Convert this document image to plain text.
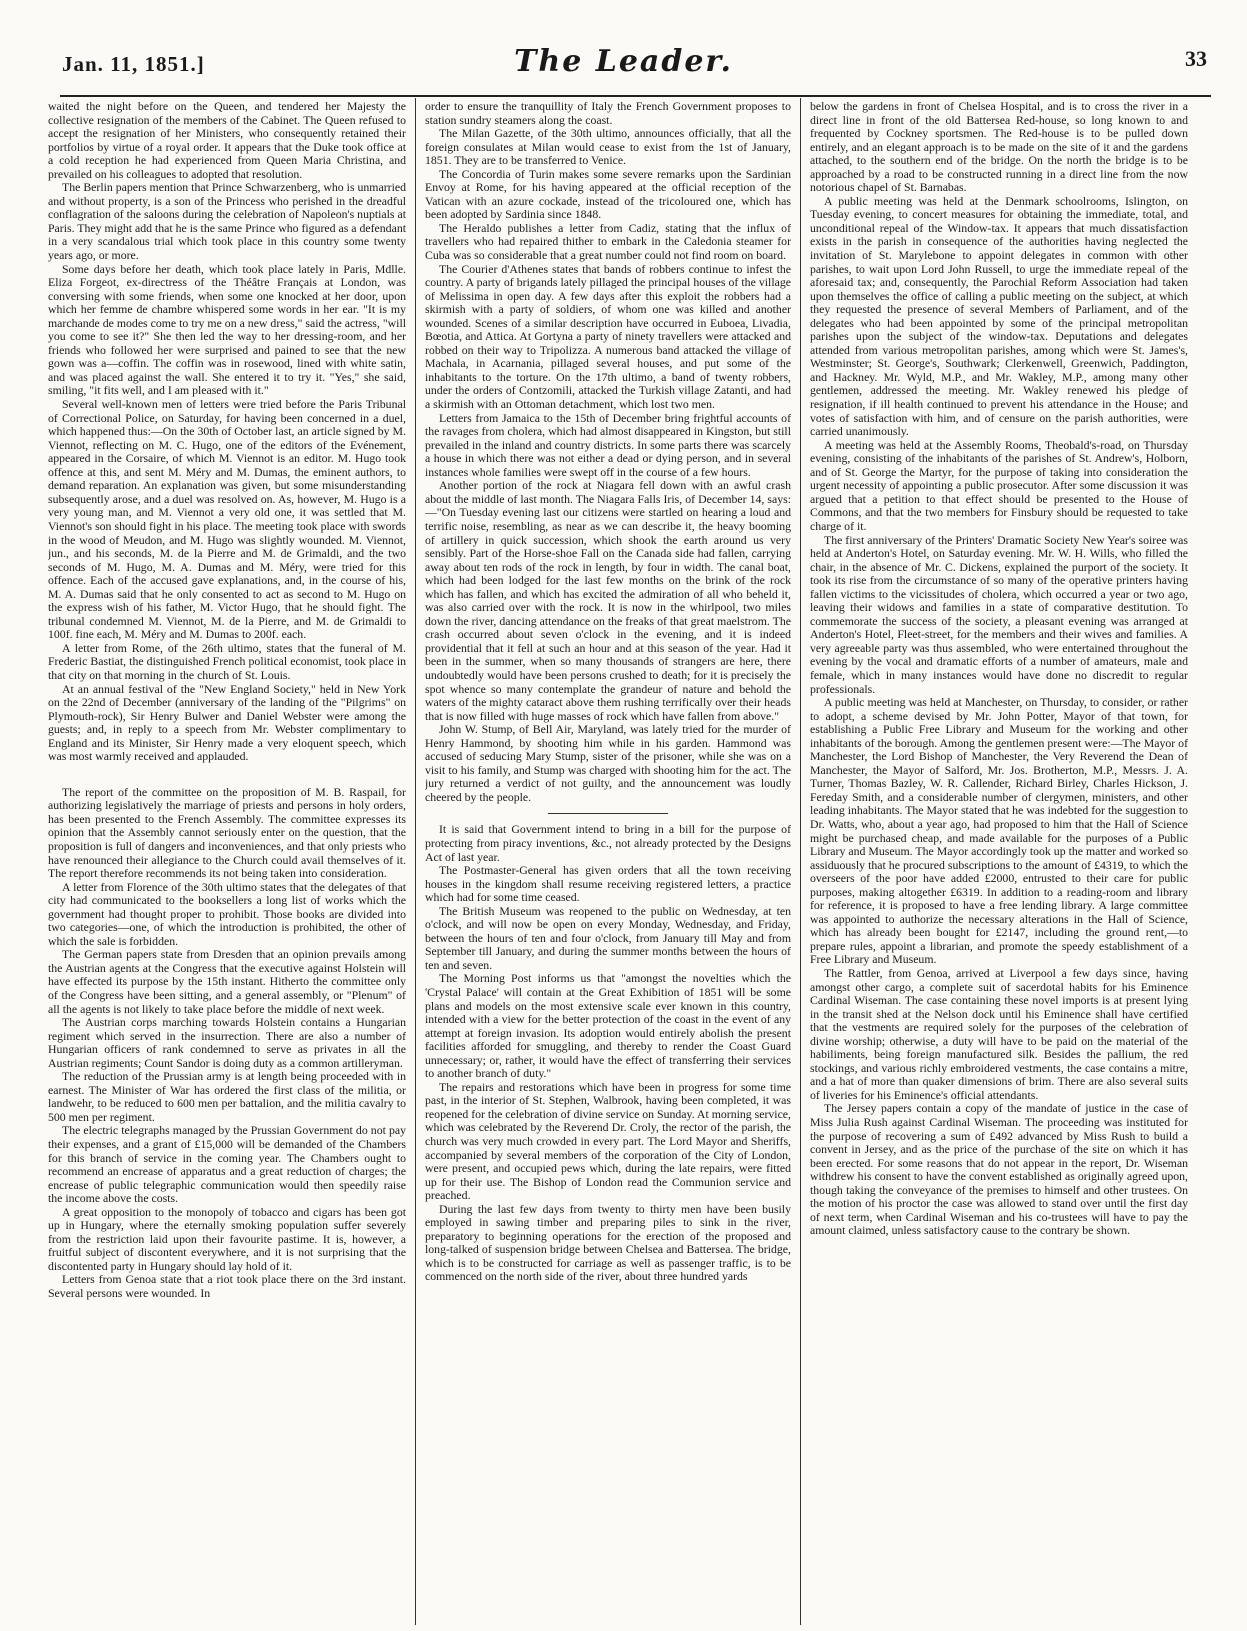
Jan. 11, 1851.]	The Leader.	33

waited the night before on the Queen, and tendered her Majesty the collective resignation of the members of the Cabinet. The Queen refused to accept the resignation of her Ministers, who consequently retained their portfolios by virtue of a royal order. It appears that the Duke took office at a cold reception he had experienced from Queen Maria Christina, and prevailed on his colleagues to adopted that resolution.

The Berlin papers mention that Prince Schwarzenberg, who is unmarried and without property, is a son of the Princess who perished in the dreadful conflagration of the saloons during the celebration of Napoleon's nuptials at Paris. They might add that he is the same Prince who figured as a defendant in a very scandalous trial which took place in this country some twenty years ago, or more.

Some days before her death, which took place lately in Paris, Mdlle. Eliza Forgeot, ex-directress of the Théâtre Français at London, was conversing with some friends, when some one knocked at her door, upon which her femme de chambre whispered some words in her ear. "It is my marchande de modes come to try me on a new dress," said the actress, "will you come to see it?" She then led the way to her dressing-room, and her friends who followed her were surprised and pained to see that the new gown was a—coffin. The coffin was in rosewood, lined with white satin, and was placed against the wall. She entered it to try it. "Yes," she said, smiling, "it fits well, and I am pleased with it."

Several well-known men of letters were tried before the Paris Tribunal of Correctional Police, on Saturday, for having been concerned in a duel, which happened thus:—On the 30th of October last, an article signed by M. Viennot, reflecting on M. C. Hugo, one of the editors of the Evénement, appeared in the Corsaire, of which M. Viennot is an editor. M. Hugo took offence at this, and sent M. Méry and M. Dumas, the eminent authors, to demand reparation. An explanation was given, but some misunderstanding subsequently arose, and a duel was resolved on. As, however, M. Hugo is a very young man, and M. Viennot a very old one, it was settled that M. Viennot's son should fight in his place. The meeting took place with swords in the wood of Meudon, and M. Hugo was slightly wounded. M. Viennot, jun., and his seconds, M. de la Pierre and M. de Grimaldi, and the two seconds of M. Hugo, M. A. Dumas and M. Méry, were tried for this offence. Each of the accused gave explanations, and, in the course of his, M. A. Dumas said that he only consented to act as second to M. Hugo on the express wish of his father, M. Victor Hugo, that he should fight. The tribunal condemned M. Viennot, M. de la Pierre, and M. de Grimaldi to 100f. fine each, M. Méry and M. Dumas to 200f. each.

A letter from Rome, of the 26th ultimo, states that the funeral of M. Frederic Bastiat, the distinguished French political economist, took place in that city on that morning in the church of St. Louis.

At an annual festival of the "New England Society," held in New York on the 22nd of December (anniversary of the landing of the "Pilgrims" on Plymouth-rock), Sir Henry Bulwer and Daniel Webster were among the guests; and, in reply to a speech from Mr. Webster complimentary to England and its Minister, Sir Henry made a very eloquent speech, which was most warmly received and applauded.

The report of the committee on the proposition of M. B. Raspail, for authorizing legislatively the marriage of priests and persons in holy orders, has been presented to the French Assembly. The committee expresses its opinion that the Assembly cannot seriously enter on the question, that the proposition is full of dangers and inconveniences, and that only priests who have renounced their allegiance to the Church could avail themselves of it. The report therefore recommends its not being taken into consideration.

A letter from Florence of the 30th ultimo states that the delegates of that city had communicated to the booksellers a long list of works which the government had thought proper to prohibit. Those books are divided into two categories—one, of which the introduction is prohibited, the other of which the sale is forbidden.

The German papers state from Dresden that an opinion prevails among the Austrian agents at the Congress that the executive against Holstein will have effected its purpose by the 15th instant. Hitherto the committee only of the Congress have been sitting, and a general assembly, or "Plenum" of all the agents is not likely to take place before the middle of next week.

The Austrian corps marching towards Holstein contains a Hungarian regiment which served in the insurrection. There are also a number of Hungarian officers of rank condemned to serve as privates in all the Austrian regiments; Count Sandor is doing duty as a common artilleryman.

The reduction of the Prussian army is at length being proceeded with in earnest. The Minister of War has ordered the first class of the militia, or landwehr, to be reduced to 600 men per battalion, and the militia cavalry to 500 men per regiment.

The electric telegraphs managed by the Prussian Government do not pay their expenses, and a grant of £15,000 will be demanded of the Chambers for this branch of service in the coming year. The Chambers ought to recommend an encrease of apparatus and a great reduction of charges; the encrease of public telegraphic communication would then speedily raise the income above the costs.

A great opposition to the monopoly of tobacco and cigars has been got up in Hungary, where the eternally smoking population suffer severely from the restriction laid upon their favourite pastime. It is, however, a fruitful subject of discontent everywhere, and it is not surprising that the discontented party in Hungary should lay hold of it.

Letters from Genoa state that a riot took place there on the 3rd instant. Several persons were wounded. In

order to ensure the tranquillity of Italy the French Government proposes to station sundry steamers along the coast.

The Milan Gazette, of the 30th ultimo, announces officially, that all the foreign consulates at Milan would cease to exist from the 1st of January, 1851. They are to be transferred to Venice.

The Concordia of Turin makes some severe remarks upon the Sardinian Envoy at Rome, for his having appeared at the official reception of the Vatican with an azure cockade, instead of the tricoloured one, which has been adopted by Sardinia since 1848.

The Heraldo publishes a letter from Cadiz, stating that the influx of travellers who had repaired thither to embark in the Caledonia steamer for Cuba was so considerable that a great number could not find room on board.

The Courier d'Athenes states that bands of robbers continue to infest the country. A party of brigands lately pillaged the principal houses of the village of Melissima in open day. A few days after this exploit the robbers had a skirmish with a party of soldiers, of whom one was killed and another wounded. Scenes of a similar description have occurred in Euboea, Livadia, Bœotia, and Attica. At Gortyna a party of ninety travellers were attacked and robbed on their way to Tripolizza. A numerous band attacked the village of Machala, in Acarnania, pillaged several houses, and put some of the inhabitants to the torture. On the 17th ultimo, a band of twenty robbers, under the orders of Contzomili, attacked the Turkish village Zatanti, and had a skirmish with an Ottoman detachment, which lost two men.

Letters from Jamaica to the 15th of December bring frightful accounts of the ravages from cholera, which had almost disappeared in Kingston, but still prevailed in the inland and country districts. In some parts there was scarcely a house in which there was not either a dead or dying person, and in several instances whole families were swept off in the course of a few hours.

Another portion of the rock at Niagara fell down with an awful crash about the middle of last month. The Niagara Falls Iris, of December 14, says:—"On Tuesday evening last our citizens were startled on hearing a loud and terrific noise, resembling, as near as we can describe it, the heavy booming of artillery in quick succession, which shook the earth around us very sensibly. Part of the Horse-shoe Fall on the Canada side had fallen, carrying away about ten rods of the rock in length, by four in width. The canal boat, which had been lodged for the last few months on the brink of the rock which has fallen, and which has excited the admiration of all who beheld it, was also carried over with the rock. It is now in the whirlpool, two miles down the river, dancing attendance on the freaks of that great maelstrom. The crash occurred about seven o'clock in the evening, and it is indeed providential that it fell at such an hour and at this season of the year. Had it been in the summer, when so many thousands of strangers are here, there undoubtedly would have been persons crushed to death; for it is precisely the spot whence so many contemplate the grandeur of nature and behold the waters of the mighty cataract above them rushing terrifically over their heads that is now filled with huge masses of rock which have fallen from above."

John W. Stump, of Bell Air, Maryland, was lately tried for the murder of Henry Hammond, by shooting him while in his garden. Hammond was accused of seducing Mary Stump, sister of the prisoner, while she was on a visit to his family, and Stump was charged with shooting him for the act. The jury returned a verdict of not guilty, and the announcement was loudly cheered by the people.

It is said that Government intend to bring in a bill for the purpose of protecting from piracy inventions, &c., not already protected by the Designs Act of last year.

The Postmaster-General has given orders that all the town receiving houses in the kingdom shall resume receiving registered letters, a practice which had for some time ceased.

The British Museum was reopened to the public on Wednesday, at ten o'clock, and will now be open on every Monday, Wednesday, and Friday, between the hours of ten and four o'clock, from January till May and from September till January, and during the summer months between the hours of ten and seven.

The Morning Post informs us that "amongst the novelties which the 'Crystal Palace' will contain at the Great Exhibition of 1851 will be some plans and models on the most extensive scale ever known in this country, intended with a view for the better protection of the coast in the event of any attempt at foreign invasion. Its adoption would entirely abolish the present facilities afforded for smuggling, and thereby to render the Coast Guard unnecessary; or, rather, it would have the effect of transferring their services to another branch of duty."

The repairs and restorations which have been in progress for some time past, in the interior of St. Stephen, Walbrook, having been completed, it was reopened for the celebration of divine service on Sunday. At morning service, which was celebrated by the Reverend Dr. Croly, the rector of the parish, the church was very much crowded in every part. The Lord Mayor and Sheriffs, accompanied by several members of the corporation of the City of London, were present, and occupied pews which, during the late repairs, were fitted up for their use. The Bishop of London read the Communion service and preached.

During the last few days from twenty to thirty men have been busily employed in sawing timber and preparing piles to sink in the river, preparatory to beginning operations for the erection of the proposed and long-talked of suspension bridge between Chelsea and Battersea. The bridge, which is to be constructed for carriage as well as passenger traffic, is to be commenced on the north side of the river, about three hundred yards

below the gardens in front of Chelsea Hospital, and is to cross the river in a direct line in front of the old Battersea Red-house, so long known to and frequented by Cockney sportsmen. The Red-house is to be pulled down entirely, and an elegant approach is to be made on the site of it and the gardens attached, to the southern end of the bridge. On the north the bridge is to be approached by a road to be constructed running in a direct line from the now notorious chapel of St. Barnabas.

A public meeting was held at the Denmark schoolrooms, Islington, on Tuesday evening, to concert measures for obtaining the immediate, total, and unconditional repeal of the Window-tax. It appears that much dissatisfaction exists in the parish in consequence of the authorities having neglected the invitation of St. Marylebone to appoint delegates in common with other parishes, to wait upon Lord John Russell, to urge the immediate repeal of the aforesaid tax; and, consequently, the Parochial Reform Association had taken upon themselves the office of calling a public meeting on the subject, at which they requested the presence of several Members of Parliament, and of the delegates who had been appointed by some of the principal metropolitan parishes upon the subject of the window-tax. Deputations and delegates attended from various metropolitan parishes, among which were St. James's, Westminster; St. George's, Southwark; Clerkenwell, Greenwich, Paddington, and Hackney. Mr. Wyld, M.P., and Mr. Wakley, M.P., among many other gentlemen, addressed the meeting. Mr. Wakley renewed his pledge of resignation, if ill health continued to prevent his attendance in the House; and votes of satisfaction with him, and of censure on the parish authorities, were carried unanimously.

A meeting was held at the Assembly Rooms, Theobald's-road, on Thursday evening, consisting of the inhabitants of the parishes of St. Andrew's, Holborn, and of St. George the Martyr, for the purpose of taking into consideration the urgent necessity of appointing a public prosecutor. After some discussion it was argued that a petition to that effect should be presented to the House of Commons, and that the two members for Finsbury should be requested to take charge of it.

The first anniversary of the Printers' Dramatic Society New Year's soiree was held at Anderton's Hotel, on Saturday evening. Mr. W. H. Wills, who filled the chair, in the absence of Mr. C. Dickens, explained the purport of the society. It took its rise from the circumstance of so many of the operative printers having fallen victims to the vicissitudes of cholera, which occurred a year or two ago, leaving their widows and families in a state of comparative destitution. To commemorate the success of the society, a pleasant evening was arranged at Anderton's Hotel, Fleet-street, for the members and their wives and families. A very agreeable party was thus assembled, who were entertained throughout the evening by the vocal and dramatic efforts of a number of amateurs, male and female, which in many instances would have done no discredit to regular professionals.

A public meeting was held at Manchester, on Thursday, to consider, or rather to adopt, a scheme devised by Mr. John Potter, Mayor of that town, for establishing a Public Free Library and Museum for the working and other inhabitants of the borough. Among the gentlemen present were:—The Mayor of Manchester, the Lord Bishop of Manchester, the Very Reverend the Dean of Manchester, the Mayor of Salford, Mr. Jos. Brotherton, M.P., Messrs. J. A. Turner, Thomas Bazley, W. R. Callender, Richard Birley, Charles Hickson, J. Fereday Smith, and a considerable number of clergymen, ministers, and other leading inhabitants. The Mayor stated that he was indebted for the suggestion to Dr. Watts, who, about a year ago, had proposed to him that the Hall of Science might be purchased cheap, and made available for the purposes of a Public Library and Museum. The Mayor accordingly took up the matter and worked so assiduously that he procured subscriptions to the amount of £4319, to which the overseers of the poor have added £2000, entrusted to their care for public purposes, making altogether £6319. In addition to a reading-room and library for reference, it is proposed to have a free lending library. A large committee was appointed to authorize the necessary alterations in the Hall of Science, which has already been bought for £2147, including the ground rent,—to prepare rules, appoint a librarian, and promote the speedy establishment of a Free Library and Museum.

The Rattler, from Genoa, arrived at Liverpool a few days since, having amongst other cargo, a complete suit of sacerdotal habits for his Eminence Cardinal Wiseman. The case containing these novel imports is at present lying in the transit shed at the Nelson dock until his Eminence shall have certified that the vestments are required solely for the purposes of the celebration of divine worship; otherwise, a duty will have to be paid on the material of the habiliments, being foreign manufactured silk. Besides the pallium, the red stockings, and various richly embroidered vestments, the case contains a mitre, and a hat of more than quaker dimensions of brim. There are also several suits of liveries for his Eminence's official attendants.

The Jersey papers contain a copy of the mandate of justice in the case of Miss Julia Rush against Cardinal Wiseman. The proceeding was instituted for the purpose of recovering a sum of £492 advanced by Miss Rush to build a convent in Jersey, and as the price of the purchase of the site on which it has been erected. For some reasons that do not appear in the report, Dr. Wiseman withdrew his consent to have the convent established as originally agreed upon, though taking the conveyance of the premises to himself and other trustees. On the motion of his proctor the case was allowed to stand over until the first day of next term, when Cardinal Wiseman and his co-trustees will have to pay the amount claimed, unless satisfactory cause to the contrary be shown.
